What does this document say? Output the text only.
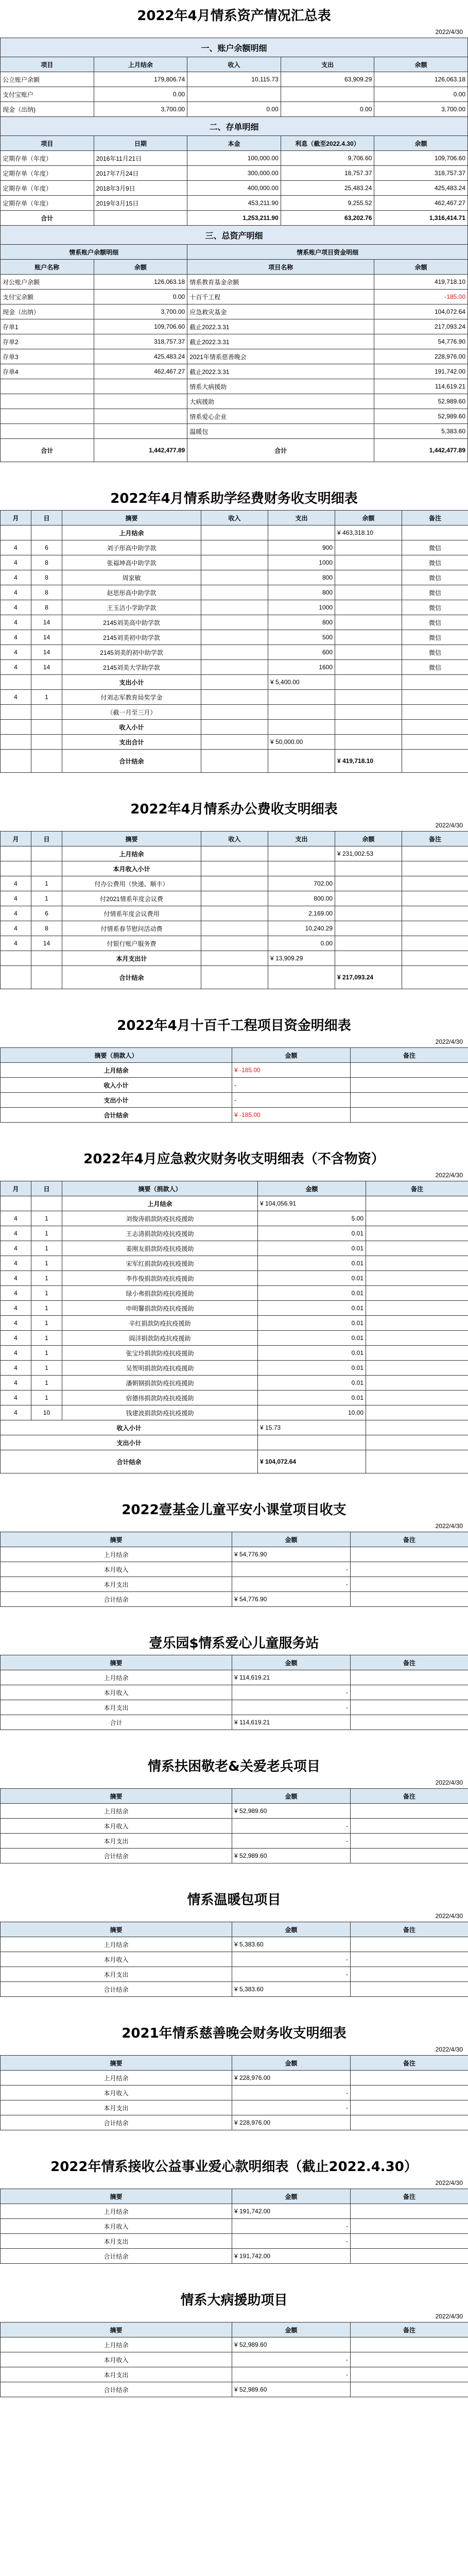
2022年4月情系资产情况汇总表
2022/4/30
一、账户余额明细				
项目	上月结余	收入	支出	余额
公立账户余额	179,806.74	10,115.73	63,909.29	126,063.18
支付宝账户	0.00			0.00
现金（出纳)	3,700.00	0.00	0.00	3,700.00
二、存单明细				
项目	日期	本金	利息（截至2022.4.30）	余额
定期存单（年度）	2016年11月21日	100,000.00	9,706.60	109,706.60
定期存单（年度）	2017年7月24日	300,000.00	18,757.37	318,757.37
定期存单（年度）	2018年3月9日	400,000.00	25,483.24	425,483.24
定期存单（年度）	2019年3月15日	453,211.90	9,255.52	462,467.27
合计		1,253,211.90	63,202.76	1,316,414.71
三、总资产明细				
情系账户余额明细		情系账户项目资金明细		
账户名称	余额	项目名称		余额
对公账户余额	126,063.18	情系教育基金余额		419,718.10
支付宝余额	0.00	十百千工程		-185.00
现金（出纳）	3,700.00	应急救灾基金		104,072.64
存单1	109,706.60	截止2022.3.31		217,093.24
存单2	318,757.37	截止2022.3.31		54,776.90
存单3	425,483.24	2021年情系慈善晚会		228,976.00
存单4	462,467.27	截止2022.3.31		191,742.00
		情系大病援助		114,619.21
		大病援助		52,989.60
		情系爱心企业		52,989.60
		温暖包		5,383.60
合计	1,442,477.89	合计		1,442,477.89
2022年4月情系助学经费财务收支明细表
月	日	摘要	收入	支出	余额	备注
		上月结余			¥ 463,318.10	
4	6	刘子彤高中助学款		900		微信
4	8	张福坤高中助学款		1000		微信
4	8	周家敏		800		微信
4	8	赵思彤高中助学款		800		微信
4	8	王玉洁小学助学款		1000		微信
4	14	2145刘美高中助学款		800		微信
4	14	2145刘美初中助学款		500		微信
4	14	2145刘美的初中助学款		600		微信
4	14	2145刘美大学助学款		1600		微信
		支出小计		¥ 5,400.00		
4	1	付刘志军教育局奖学金				
		（截一月至三月）				
		收入小计				
		支出合计		¥ 50,000.00		
		合计结余			¥ 419,718.10	
2022年4月情系办公费收支明细表
2022/4/30
月	日	摘要	收入	支出	余额	备注
		上月结余			¥ 231,002.53	
		本月收入小计				
4	1	付办公费用（快递、顺丰）		702.00		
4	1	付2021情系年度会议费		800.00		
4	6	付情系年度会议费用		2,169.00		
4	8	付情系春节慰问活动费		10,240.29		
4	14	付银行账户服务费		0.00		
		本月支出计		¥ 13,909.29		
		合计结余			¥ 217,093.24	
2022年4月十百千工程项目资金明细表
2022/4/30
摘要（捐款人）	金额	备注
上月结余	¥ -185.00	
收入小计	-	
支出小计	-	
合计结余	¥ -185.00	
2022年4月应急救灾财务收支明细表（不含物资）
2022/4/30
月	日	摘要（捐款人）	金额	备注
		上月结余	¥ 104,056.91	
4	1	刘俊涛捐款防疫抗疫援助	5.00	
4	1	王志清捐款防疫抗疫援助	0.01	
4	1	姜刚友捐款防疫抗疫援助	0.01	
4	1	宋军红捐款防疫抗疫援助	0.01	
4	1	李作俊捐款防疫抗疫援助	0.01	
4	1	绿小弗捐款防疫抗疫援助	0.01	
4	1	申明馨捐款防疫抗疫援助	0.01	
4	1	辛红捐款防疫抗疫援助	0.01	
4	1	阎洋捐款防疫抗疫援助	0.01	
4	1	张宝玲捐款防疫抗疫援助	0.01	
4	1	吴贺明捐款防疫抗疫援助	0.01	
4	1	潘朝钢捐款防疫抗疫援助	0.01	
4	1	宿德伟捐款防疫抗疫援助	0.01	
4	10	钱建波捐款防疫抗疫援助	10.00	
收入小计			¥ 15.73	
支出小计				
合计结余			¥ 104,072.64	
2022壹基金儿童平安小课堂项目收支
2022/4/30
摘要	金额	备注
上月结余	¥ 54,776.90	
本月收入	-	
本月支出	-	
合计结余	¥ 54,776.90	
壹乐园$情系爱心儿童服务站
摘要	金额	备注
上月结余	¥ 114,619.21	
本月收入	-	
本月支出	-	
合计	¥ 114,619.21	
情系扶困敬老&关爱老兵项目
2022/4/30
摘要	金额	备注
上月结余	¥ 52,989.60	
本月收入	-	
本月支出	-	
合计结余	¥ 52,989.60	
情系温暖包项目
2022/4/30
摘要	金额	备注
上月结余	¥ 5,383.60	
本月收入	-	
本月支出	-	
合计结余	¥ 5,383.60	
2021年情系慈善晚会财务收支明细表
2022/4/30
摘要	金额	备注
上月结余	¥ 228,976.00	
本月收入	-	
本月支出	-	
合计结余	¥ 228,976.00	
2022年情系接收公益事业爱心款明细表（截止2022.4.30）
2022/4/30
摘要	金额	备注
上月结余	¥ 191,742.00	
本月收入	-	
本月支出	-	
合计结余	¥ 191,742.00	
情系大病援助项目
2022/4/30
摘要	金额	备注
上月结余	¥ 52,989.60	
本月收入	-	
本月支出	-	
合计结余	¥ 52,989.60	
